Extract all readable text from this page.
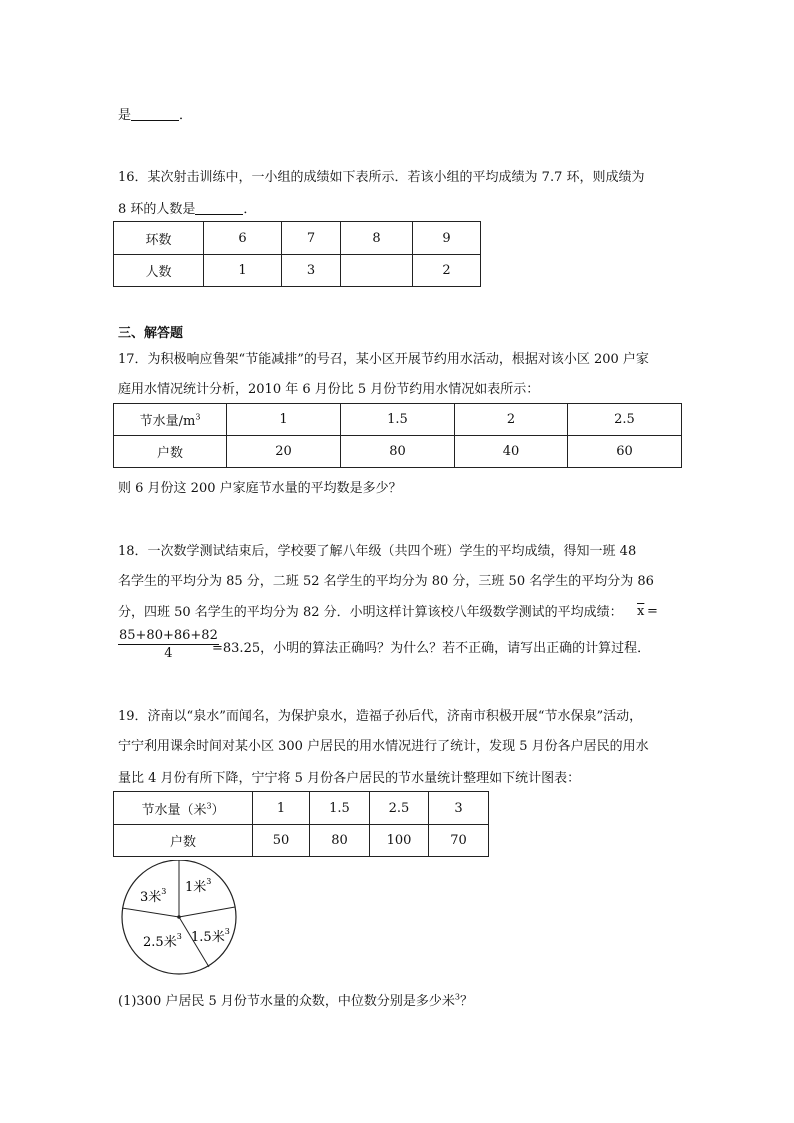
是	．
16．某次射击训练中，一小组的成绩如下表所示．若该小组的平均成绩为 7.7 环，则成绩为
8 环的人数是	．
环数	6	7	8	9
人数	1	3		2
三、解答题
17．为积极响应鲁架“节能减排”的号召，某小区开展节约用水活动，根据对该小区 200 户家
庭用水情况统计分析，2010 年 6 月份比 5 月份节约用水情况如表所示：
节水量$/m^3$	1	1.5	2	2.5
户数	20	80	40	60
则 6 月份这 200 户家庭节水量的平均数是多少？
18．一次数学测试结束后，学校要了解八年级（共四个班）学生的平均成绩，得知一班 48
名学生的平均分为 85 分，二班 52 名学生的平均分为 80 分，三班 50 名学生的平均分为 86
分，四班 50 名学生的平均分为 82 分．小明这样计算该校八年级数学测试的平均成绩： $\overline{x}$ =
$\frac{85+80+86+82}{4}$
=83.25，小明的算法正确吗？为什么？若不正确，请写出正确的计算过程．
19．济南以“泉水”而闻名，为保护泉水，造福子孙后代，济南市积极开展“节水保泉”活动，
宁宁利用课余时间对某小区 300 户居民的用水情况进行了统计，发现 5 月份各户居民的用水
量比 4 月份有所下降，宁宁将 5 月份各户居民的节水量统计整理如下统计图表：
节水量（米$^3$）	1	1.5	2.5	3
户数	50	80	100	70
1米$^3$
3米$^3$
1.5米$^3$
2.5米$^3$
(1)300 户居民 5 月份节水量的众数，中位数分别是多少米$^3$？
